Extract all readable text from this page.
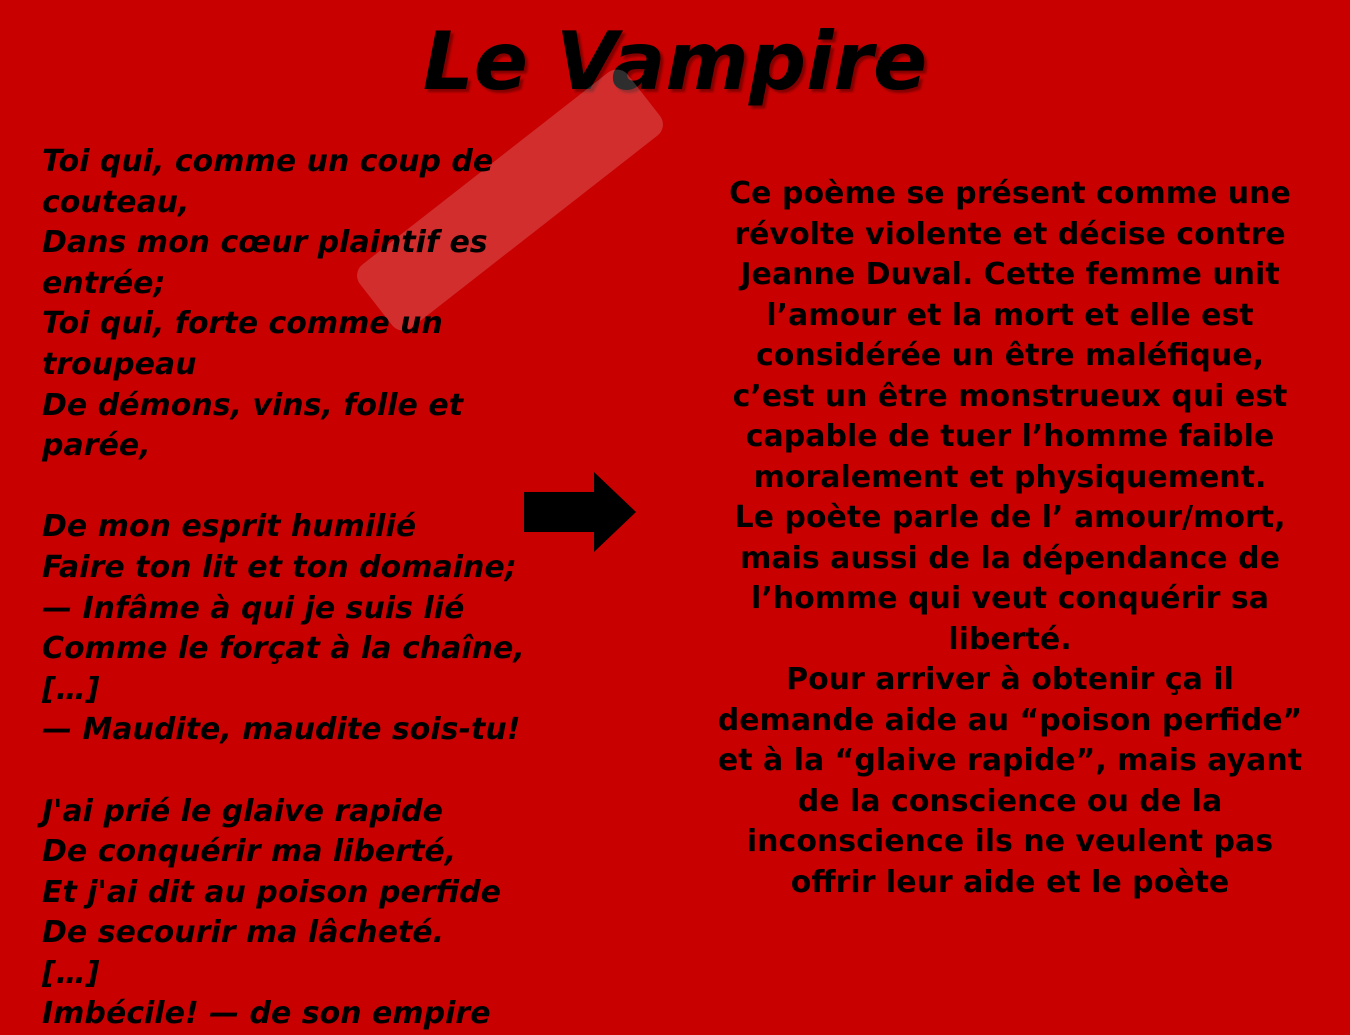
Le Vampire
Toi qui, comme un coup de
couteau,
Dans mon cœur plaintif es
entrée;
Toi qui, forte comme un
troupeau
De démons, vins, folle et
parée,
De mon esprit humilié
Faire ton lit et ton domaine;
— Infâme à qui je suis lié
Comme le forçat à la chaîne,
[…]
— Maudite, maudite sois-tu!
J'ai prié le glaive rapide
De conquérir ma liberté,
Et j'ai dit au poison perfide
De secourir ma lâcheté.
[…]
Imbécile! — de son empire
Ce poème se présent comme une révolte violente et décise contre Jeanne Duval. Cette femme unit l’amour et la mort et elle est considérée un être maléfique,
c’est un être monstrueux qui est capable de tuer l’homme faible moralement et physiquement.
Le poète parle de l’ amour/mort, mais aussi de la dépendance de l’homme qui veut conquérir sa liberté.
Pour arriver à obtenir ça il demande aide au “poison perfide” et à la “glaive rapide”, mais ayant de la conscience ou de la inconscience ils ne veulent pas offrir leur aide et le poète
